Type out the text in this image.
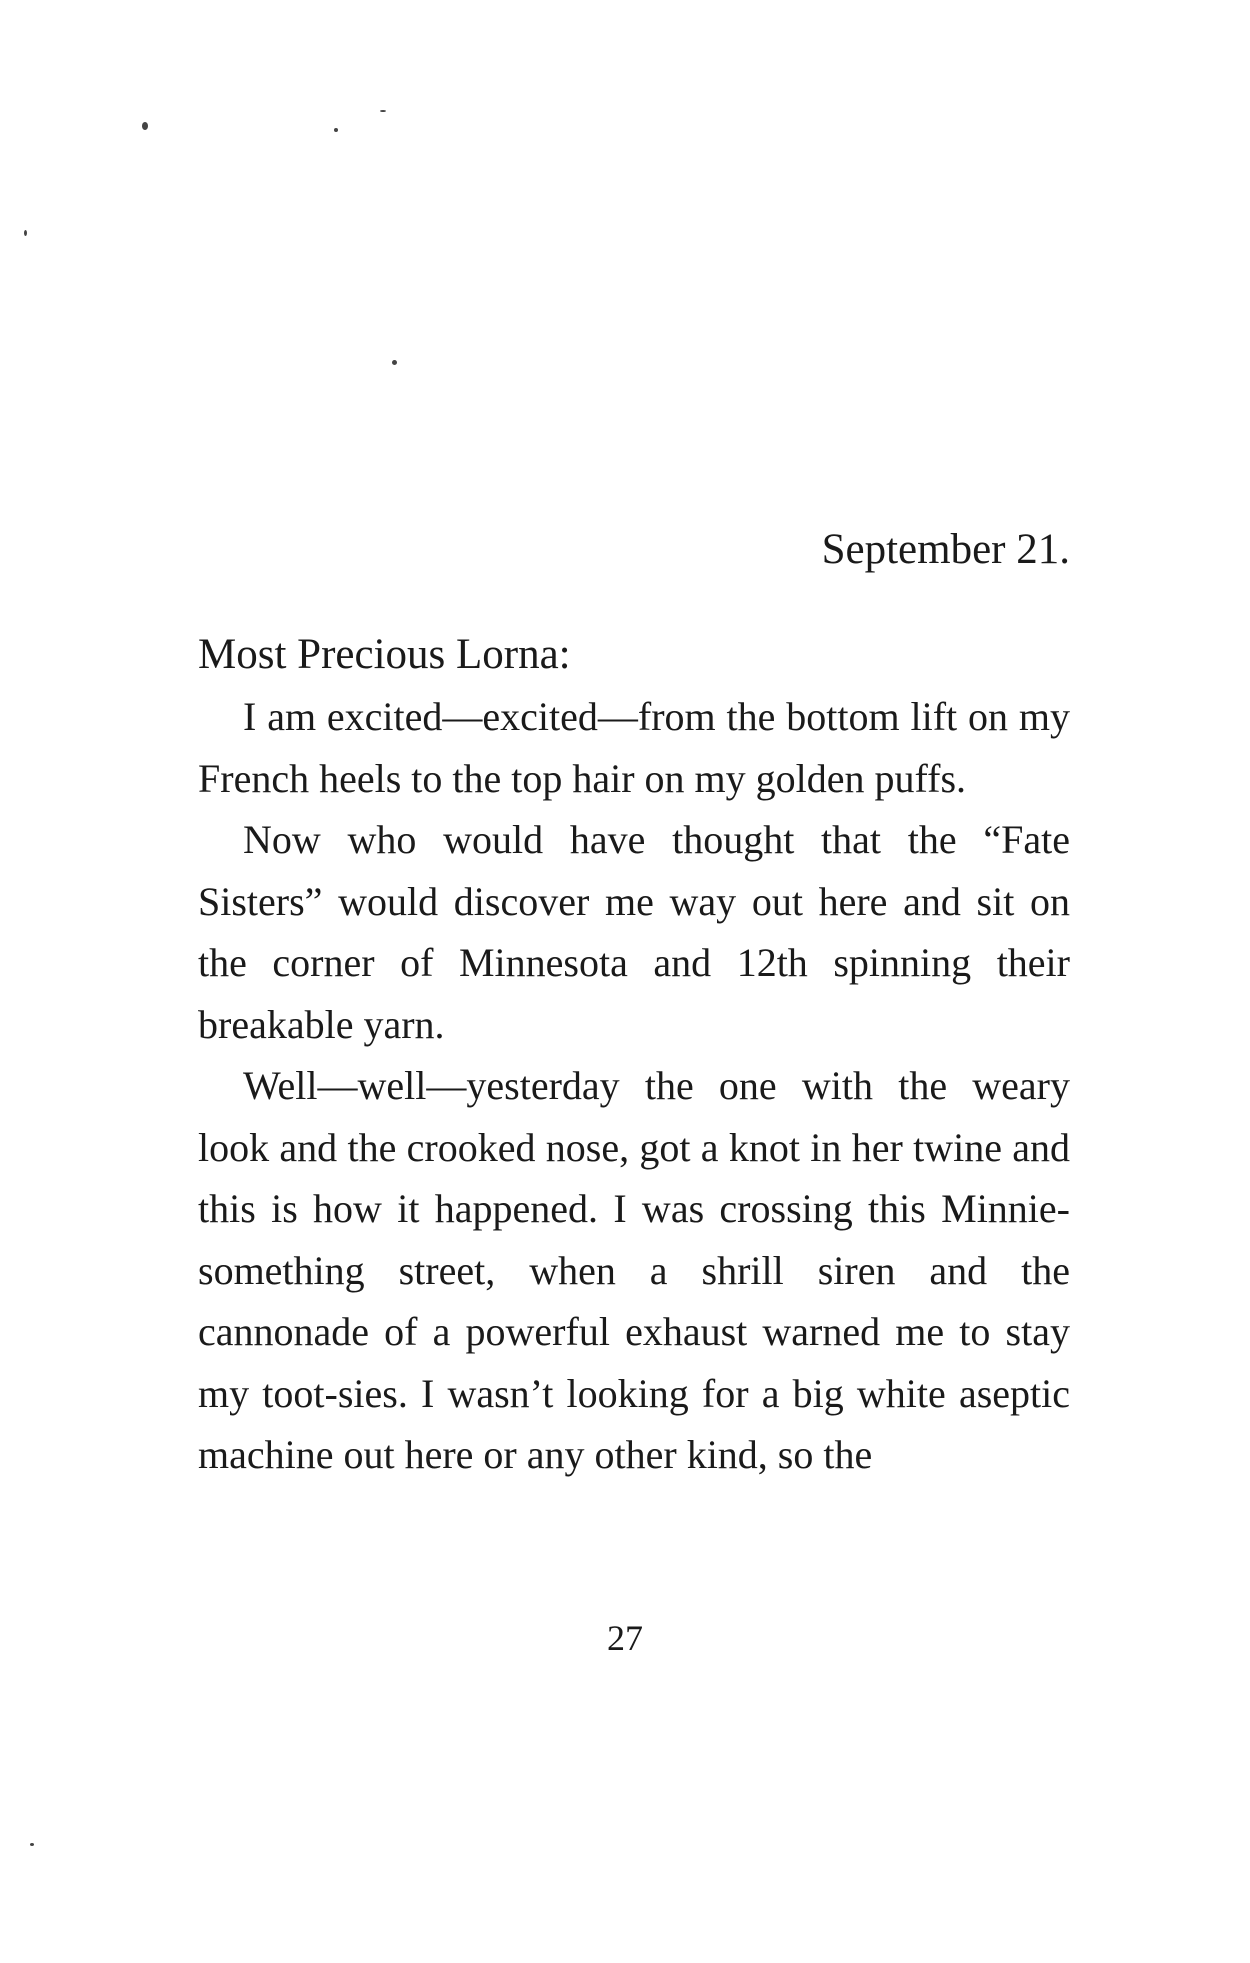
September 21.

Most Precious Lorna:

I am excited—excited—from the bottom lift on my French heels to the top hair on my golden puffs.

Now who would have thought that the “Fate Sisters” would discover me way out here and sit on the corner of Minnesota and 12th spinning their breakable yarn.

Well—well—yesterday the one with the weary look and the crooked nose, got a knot in her twine and this is how it happened. I was crossing this Minnie-something street, when a shrill siren and the cannonade of a powerful exhaust warned me to stay my toot-sies. I wasn’t looking for a big white aseptic machine out here or any other kind, so the

27
